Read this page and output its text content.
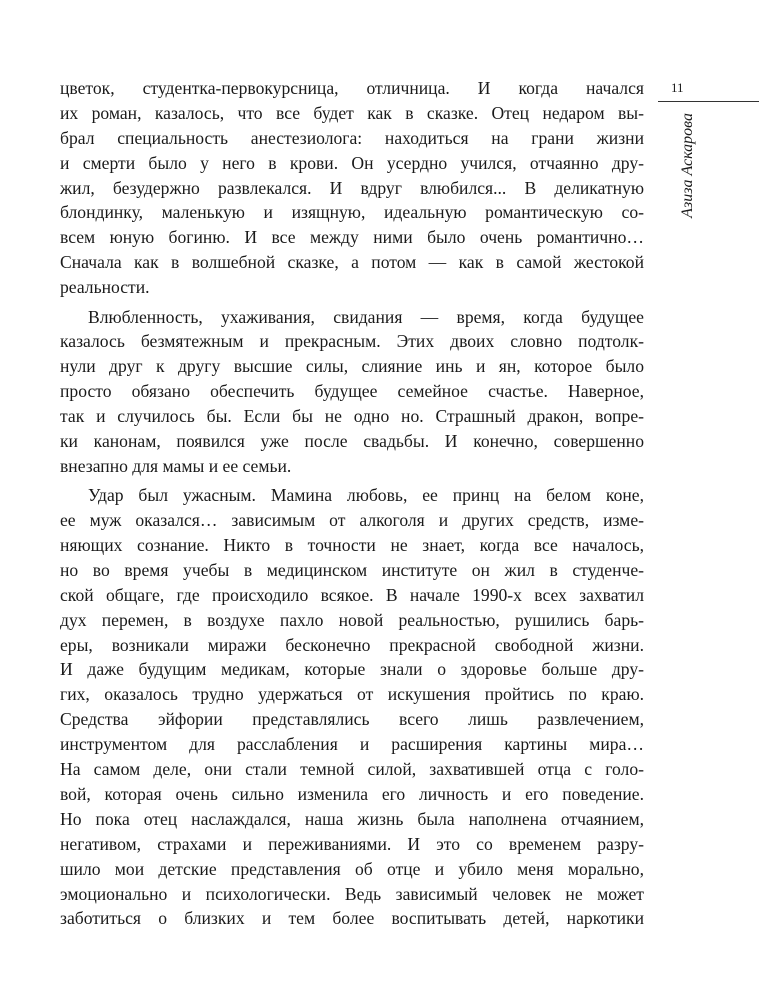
11
Азиза Аскарова
цветок, студентка-первокурсница, отличница. И когда начался
их роман, казалось, что все будет как в сказке. Отец недаром вы-
брал специальность анестезиолога: находиться на грани жизни
и смерти было у него в крови. Он усердно учился, отчаянно дру-
жил, безудержно развлекался. И вдруг влюбился... В деликатную
блондинку, маленькую и изящную, идеальную романтическую со-
всем юную богиню. И все между ними было очень романтично…
Сначала как в волшебной сказке, а потом — как в самой жестокой
реальности.
Влюбленность, ухаживания, свидания — время, когда будущее
казалось безмятежным и прекрасным. Этих двоих словно подтолк-
нули друг к другу высшие силы, слияние инь и ян, которое было
просто обязано обеспечить будущее семейное счастье. Наверное,
так и случилось бы. Если бы не одно но. Страшный дракон, вопре-
ки канонам, появился уже после свадьбы. И конечно, совершенно
внезапно для мамы и ее семьи.
Удар был ужасным. Мамина любовь, ее принц на белом коне,
ее муж оказался… зависимым от алкоголя и других средств, изме-
няющих сознание. Никто в точности не знает, когда все началось,
но во время учебы в медицинском институте он жил в студенче-
ской общаге, где происходило всякое. В начале 1990-х всех захватил
дух перемен, в воздухе пахло новой реальностью, рушились барь-
еры, возникали миражи бесконечно прекрасной свободной жизни.
И даже будущим медикам, которые знали о здоровье больше дру-
гих, оказалось трудно удержаться от искушения пройтись по краю.
Средства эйфории представлялись всего лишь развлечением,
инструментом для расслабления и расширения картины мира…
На самом деле, они стали темной силой, захватившей отца с голо-
вой, которая очень сильно изменила его личность и его поведение.
Но пока отец наслаждался, наша жизнь была наполнена отчаянием,
негативом, страхами и переживаниями. И это со временем разру-
шило мои детские представления об отце и убило меня морально,
эмоционально и психологически. Ведь зависимый человек не может
заботиться о близких и тем более воспитывать детей, наркотики
